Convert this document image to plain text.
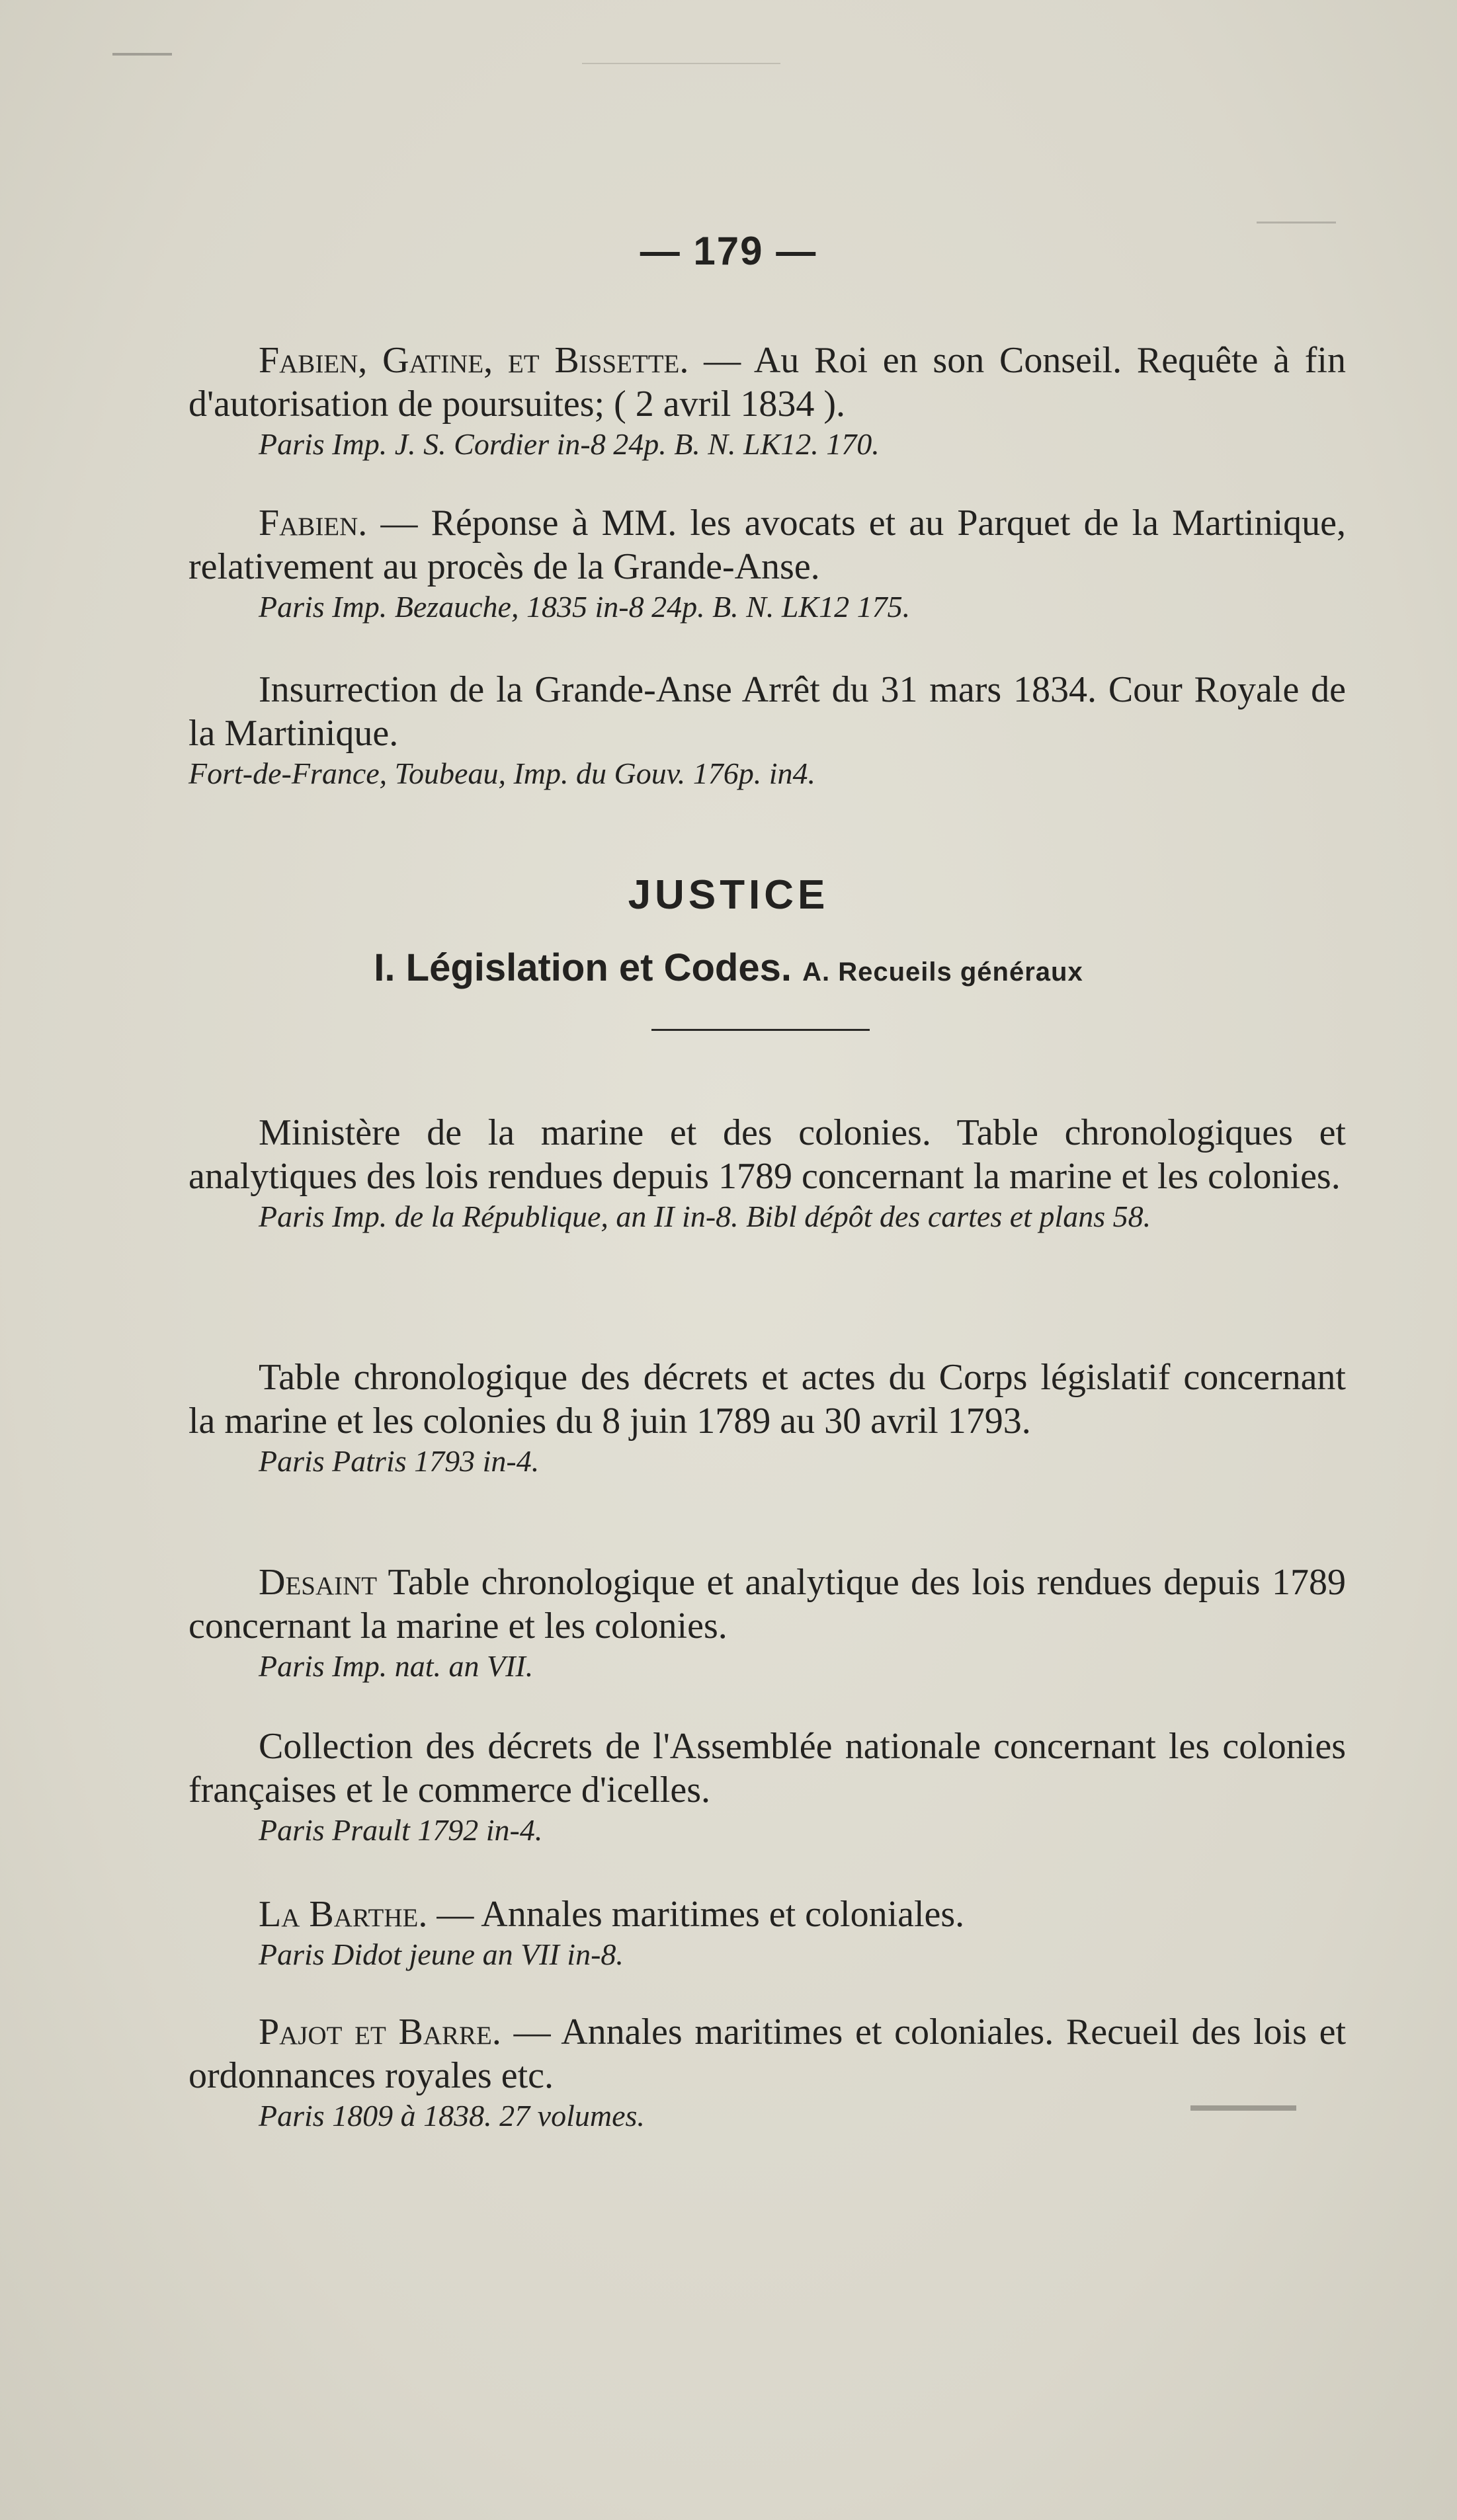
— 179 —

Fabien, Gatine, et Bissette. — Au Roi en son Conseil. Requête à fin d'autorisation de poursuites; ( 2 avril 1834 ).

Paris Imp. J. S. Cordier in-8 24p. B. N. LK12. 170.

Fabien. — Réponse à MM. les avocats et au Parquet de la Martinique, relativement au procès de la Grande-Anse.

Paris Imp. Bezauche, 1835 in-8 24p. B. N. LK12 175.

Insurrection de la Grande-Anse Arrêt du 31 mars 1834. Cour Royale de la Martinique.

Fort-de-France, Toubeau, Imp. du Gouv. 176p. in4.

JUSTICE
I. Législation et Codes. A. Recueils généraux

Ministère de la marine et des colonies. Table chronologiques et analytiques des lois rendues depuis 1789 concernant la marine et les colonies.

Paris Imp. de la République, an II in-8. Bibl dépôt des cartes et plans 58.

Table chronologique des décrets et actes du Corps législatif concernant la marine et les colonies du 8 juin 1789 au 30 avril 1793.

Paris Patris 1793 in-4.

Desaint Table chronologique et analytique des lois rendues depuis 1789 concernant la marine et les colonies.

Paris Imp. nat. an VII.

Collection des décrets de l'Assemblée nationale concernant les colonies françaises et le commerce d'icelles.

Paris Prault 1792 in-4.

La Barthe. — Annales maritimes et coloniales.

Paris Didot jeune an VII in-8.

Pajot et Barre. — Annales maritimes et coloniales. Recueil des lois et ordonnances royales etc.

Paris 1809 à 1838. 27 volumes.
